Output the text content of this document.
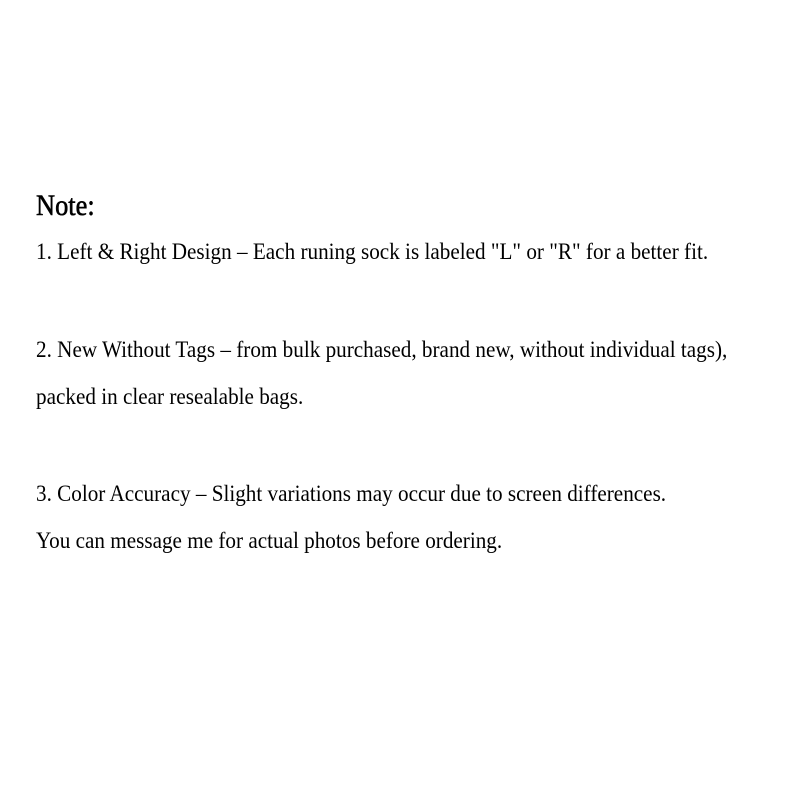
Note:

1. Left & Right Design – Each runing sock is labeled "L" or "R" for a better fit.

2. New Without Tags – from bulk purchased, brand new, without individual tags),

packed in clear resealable bags.

3. Color Accuracy – Slight variations may occur due to screen differences.

You can message me for actual photos before ordering.
